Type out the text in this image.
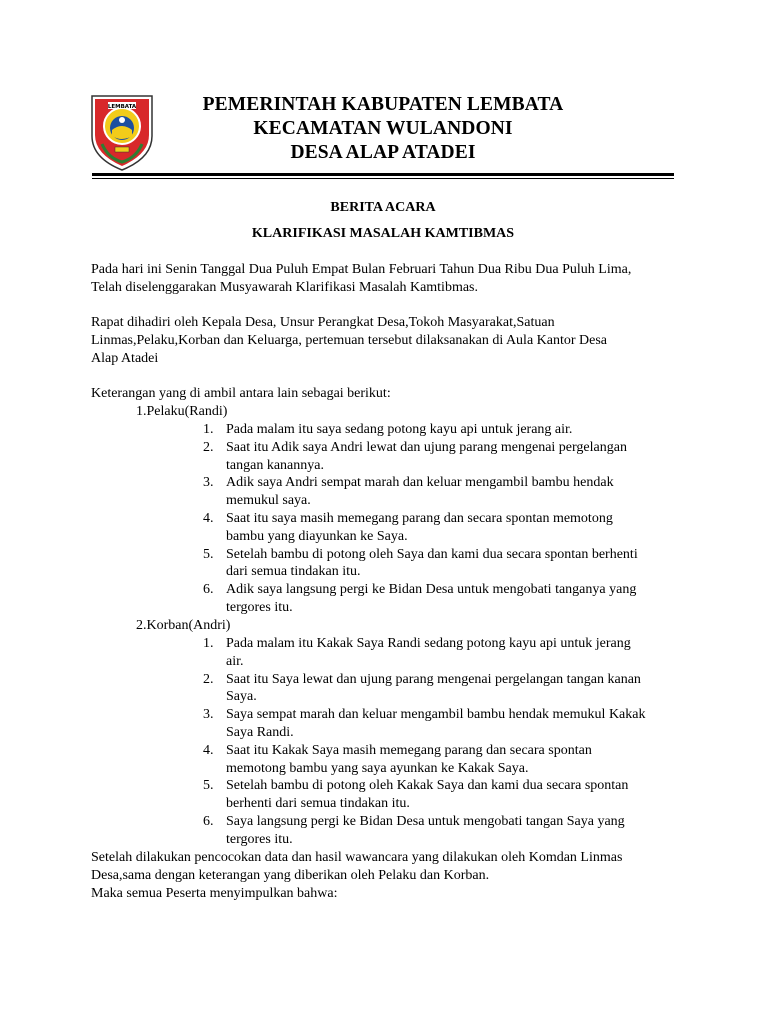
LEMBATA	PEMERINTAH KABUPATEN LEMBATA
KECAMATAN WULANDONI
DESA ALAP ATADEI
BERITA ACARA
KLARIFIKASI MASALAH KAMTIBMAS
Pada hari ini Senin Tanggal Dua Puluh Empat Bulan Februari Tahun Dua Ribu Dua Puluh Lima,
Telah diselenggarakan Musyawarah Klarifikasi Masalah Kamtibmas.
Rapat dihadiri oleh Kepala Desa, Unsur Perangkat Desa,Tokoh Masyarakat,Satuan
Linmas,Pelaku,Korban dan Keluarga, pertemuan tersebut dilaksanakan di Aula Kantor Desa
Alap Atadei
Keterangan yang di ambil antara lain sebagai berikut:
1.Pelaku(Randi)
1. Pada malam itu saya sedang potong kayu api untuk jerang air.
2. Saat itu Adik saya Andri lewat dan ujung parang mengenai pergelangan
tangan kanannya.
3. Adik saya Andri sempat marah dan keluar mengambil bambu hendak
memukul saya.
4. Saat itu saya masih memegang parang dan secara spontan memotong
bambu yang diayunkan ke Saya.
5. Setelah bambu di potong oleh Saya dan kami dua secara spontan berhenti
dari semua tindakan itu.
6. Adik saya langsung pergi ke Bidan Desa untuk mengobati tanganya yang
tergores itu.
2.Korban(Andri)
1. Pada malam itu Kakak Saya Randi sedang potong kayu api untuk jerang
air.
2. Saat itu Saya lewat dan ujung parang mengenai pergelangan tangan kanan
Saya.
3. Saya sempat marah dan keluar mengambil bambu hendak memukul Kakak
Saya Randi.
4. Saat itu Kakak Saya masih memegang parang dan secara spontan
memotong bambu yang saya ayunkan ke Kakak Saya.
5. Setelah bambu di potong oleh Kakak Saya dan kami dua secara spontan
berhenti dari semua tindakan itu.
6. Saya langsung pergi ke Bidan Desa untuk mengobati tangan Saya yang
tergores itu.
Setelah dilakukan pencocokan data dan hasil wawancara yang dilakukan oleh Komdan Linmas
Desa,sama dengan keterangan yang diberikan oleh Pelaku dan Korban.
Maka semua Peserta menyimpulkan bahwa:
